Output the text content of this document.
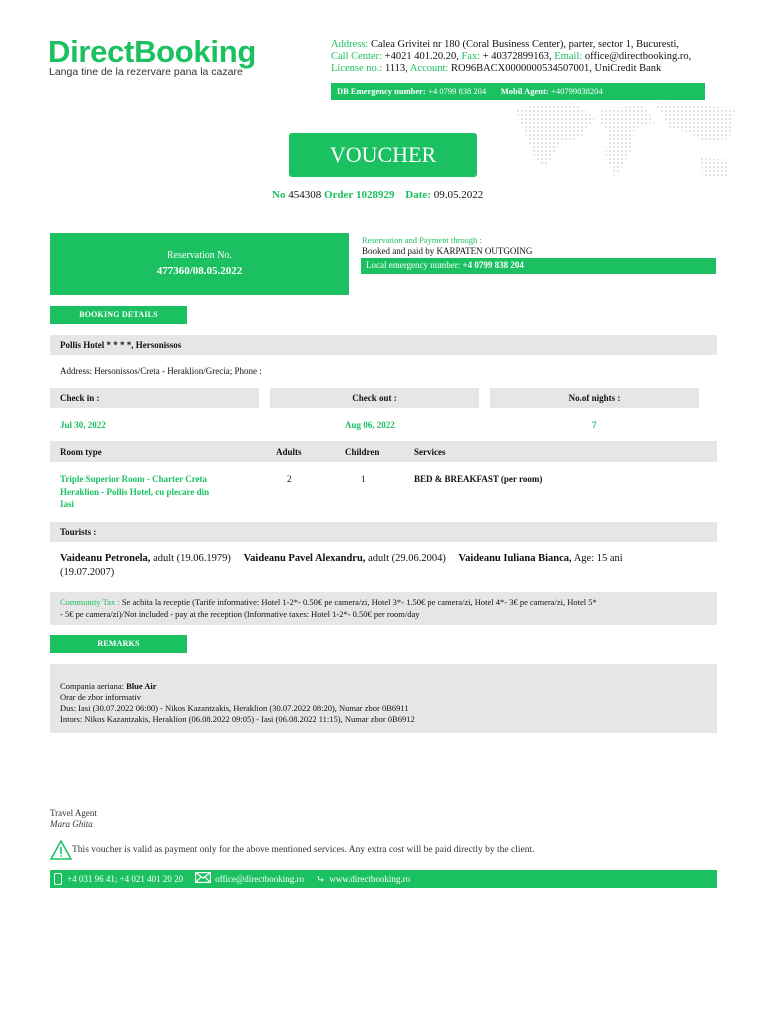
DirectBooking
Langa tine de la rezervare pana la cazare
Address: Calea Grivitei nr 180 (Coral Business Center), parter, sector 1, Bucuresti,
Call Center: +4021 401.20.20, Fax: + 40372899163, Email: office@directbooking.ro,
License no.: 1113, Account: RO96BACX0000000534507001, UniCredit Bank
DB Emergency number: +4 0799 838 204 Mobil Agent: +40799838204
VOUCHER
No 454308 Order 1028929 Date: 09.05.2022
Reservation No.
477360/08.05.2022
Reservation and Payment through :
Booked and paid by KARPATEN OUTGOING
Local emergency number: +4 0799 838 204
BOOKING DETAILS
Pollis Hotel * * * *, Hersonissos
Address: Hersonissos/Creta - Heraklion/Grecia; Phone :
Check in :	Check out :	No.of nights :
Jul 30, 2022	Aug 06, 2022	7
Room type	Adults	Children	Services
Triple Superior Room - Charter Creta
Heraklion - Pollis Hotel, cu plecare din
Iasi
2	1	BED & BREAKFAST (per room)
Tourists :
Vaideanu Petronela, adult (19.06.1979) Vaideanu Pavel Alexandru, adult (29.06.2004) Vaideanu Iuliana Bianca, Age: 15 ani
(19.07.2007)
Community Tax : Se achita la receptie (Tarife informative: Hotel 1-2*- 0.50€ pe camera/zi, Hotel 3*- 1.50€ pe camera/zi, Hotel 4*- 3€ pe camera/zi, Hotel 5*
- 5€ pe camera/zi)/Not included - pay at the reception (Informative taxes: Hotel 1-2*- 0.50€ per room/day
REMARKS
Compania aeriana: Blue Air
Orar de zbor informativ
Dus: Iasi (30.07.2022 06:00) - Nikos Kazantzakis, Heraklion (30.07.2022 08:20), Numar zbor 0B6911
Intors: Nikos Kazantzakis, Heraklion (06.08.2022 09:05) - Iasi (06.08.2022 11:15), Numar zbor 0B6912
Travel Agent
Mara Ghita
This voucher is valid as payment only for the above mentioned services. Any extra cost will be paid directly by the client.
+4 031 96 41; +4 021 401 20 20	office@directbooking.ro ⤷ www.directbooking.ro
